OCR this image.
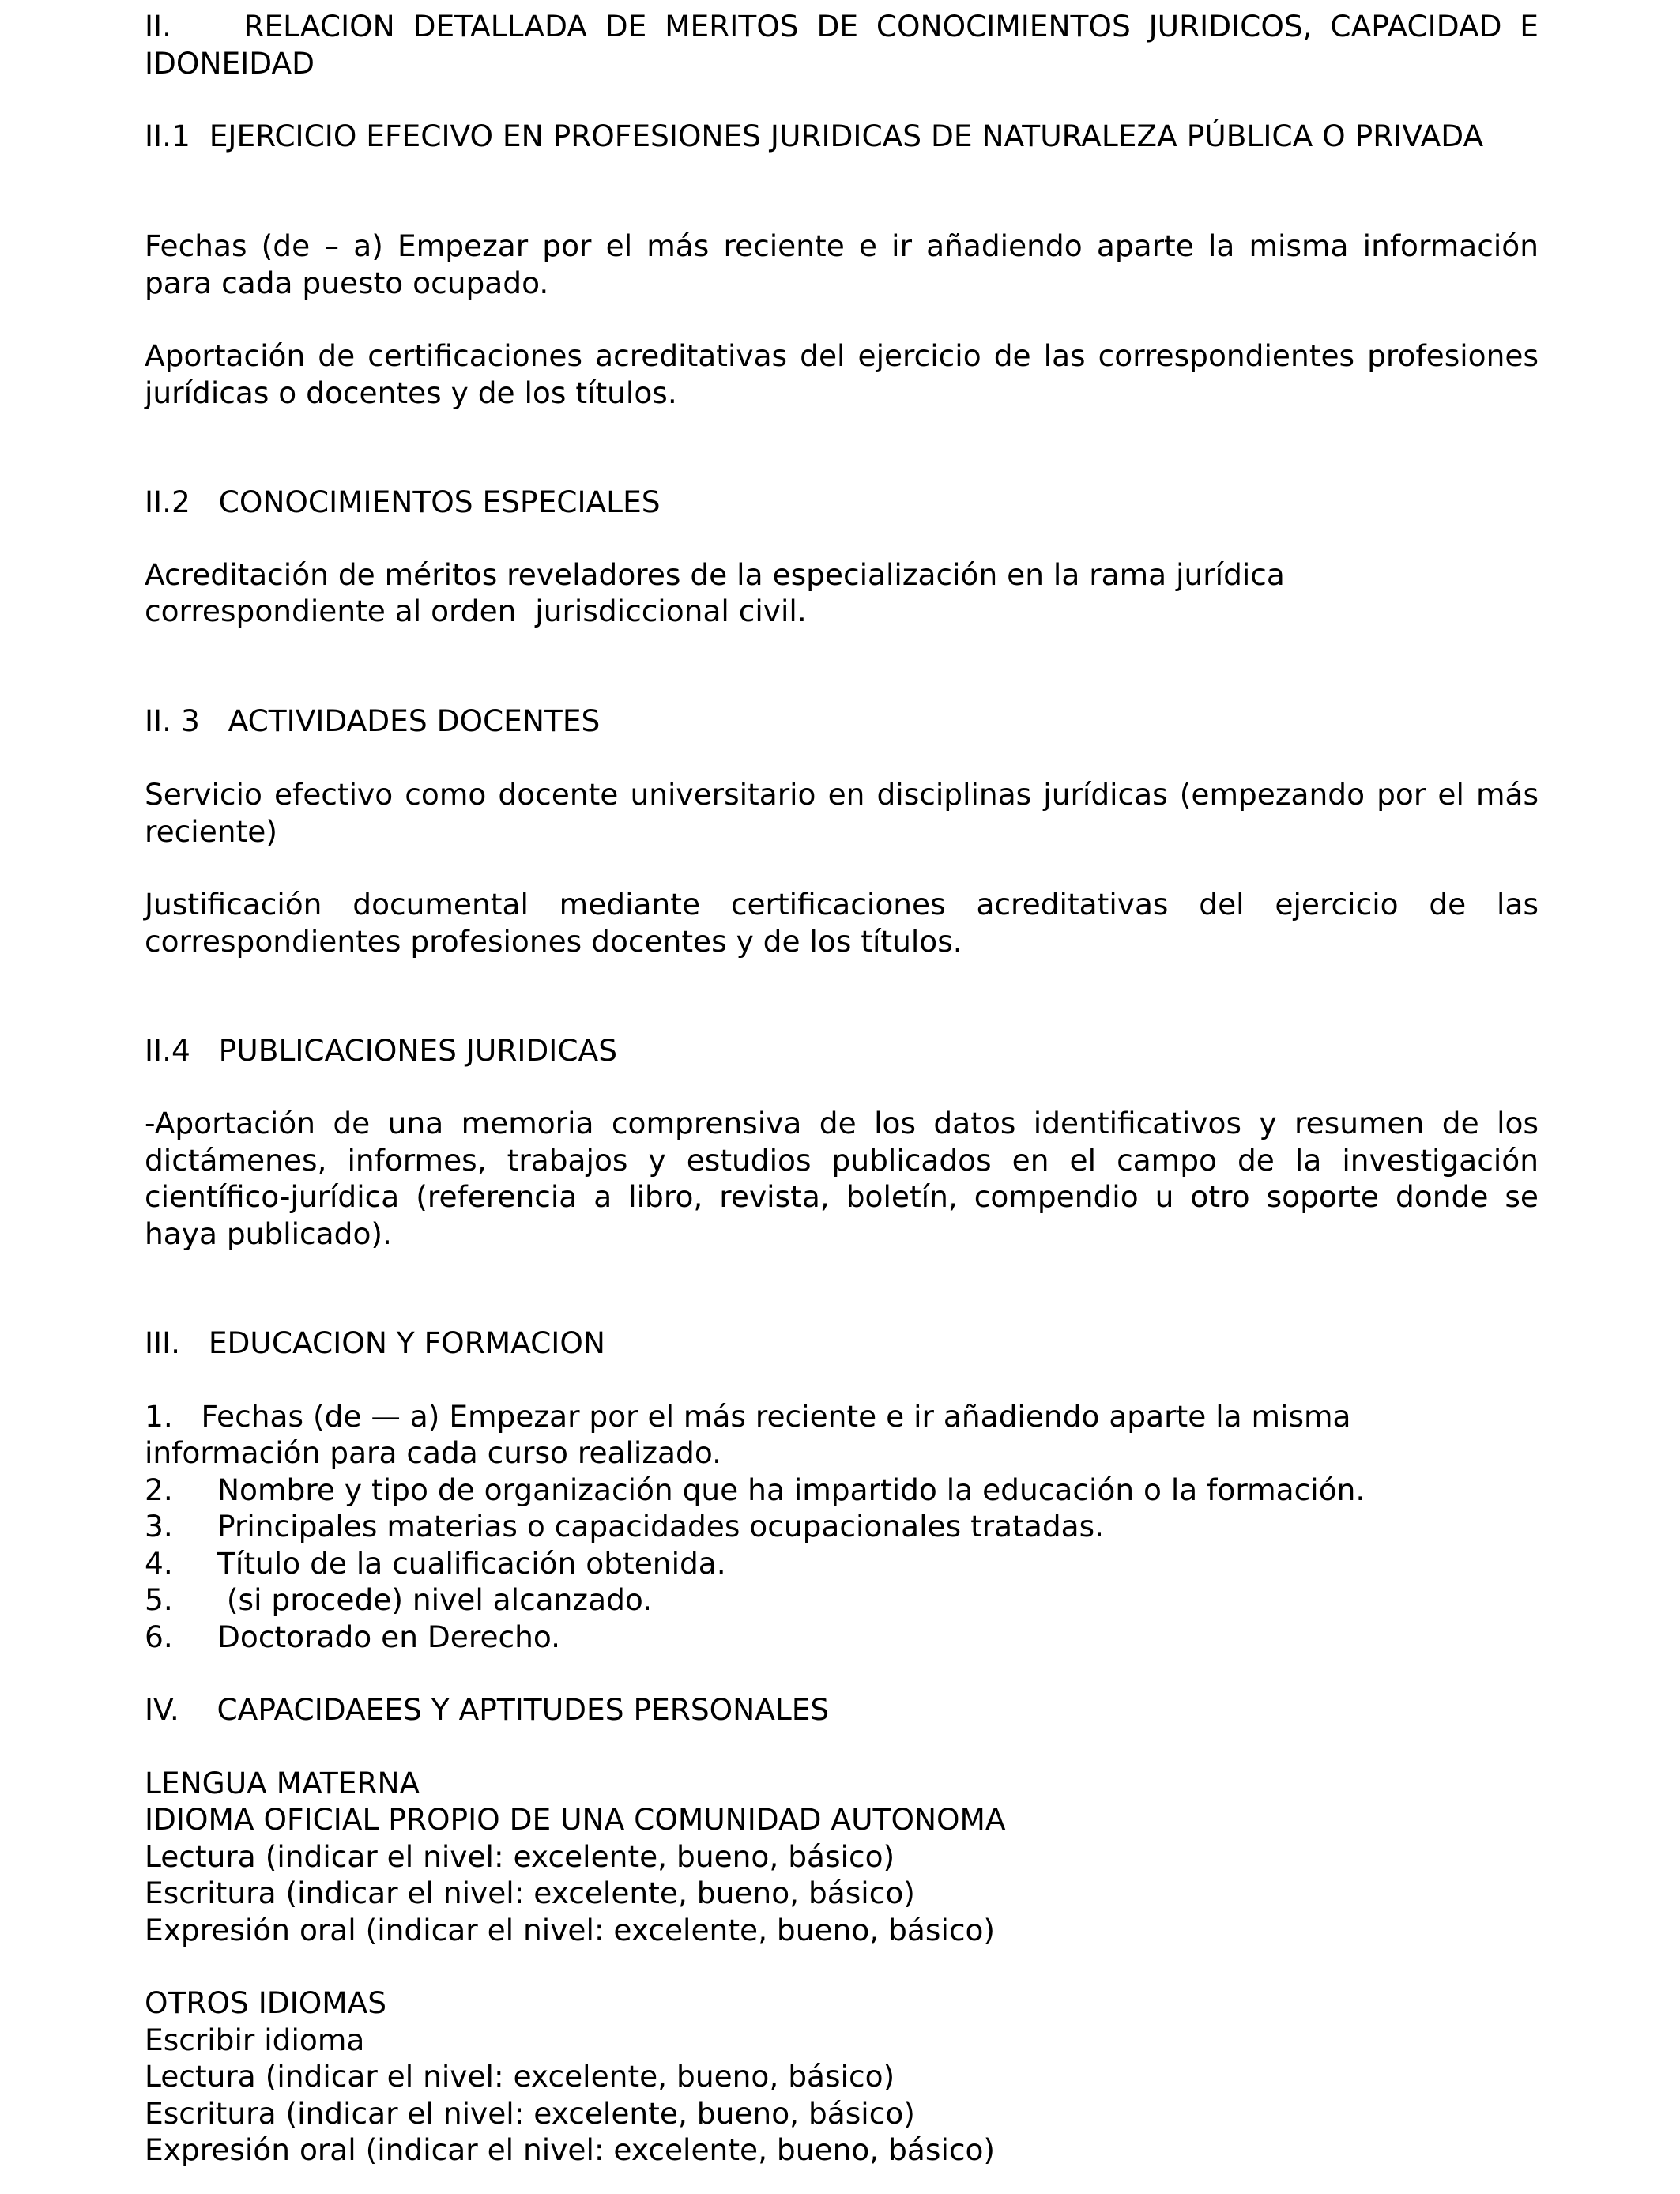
II.    RELACION DETALLADA DE MERITOS DE CONOCIMIENTOS JURIDICOS, CAPACIDAD E IDONEIDAD

II.1  EJERCICIO EFECIVO EN PROFESIONES JURIDICAS DE NATURALEZA PÚBLICA O PRIVADA

Fechas (de – a) Empezar por el más reciente e ir añadiendo aparte la misma información para cada puesto ocupado.

Aportación de certificaciones acreditativas del ejercicio de las correspondientes profesiones jurídicas o docentes y de los títulos.

II.2   CONOCIMIENTOS ESPECIALES

Acreditación de méritos reveladores de la especialización en la rama jurídica

correspondiente al orden  jurisdiccional civil.

II. 3   ACTIVIDADES DOCENTES

Servicio efectivo como docente universitario en disciplinas jurídicas (empezando por el más reciente)

Justificación documental mediante certificaciones acreditativas del ejercicio de las correspondientes profesiones docentes y de los títulos.

II.4   PUBLICACIONES JURIDICAS

-Aportación de una memoria comprensiva de los datos identificativos y resumen de los dictámenes, informes, trabajos y estudios publicados en el campo de la investigación científico-jurídica (referencia a libro, revista, boletín, compendio u otro soporte donde se haya publicado).

III.   EDUCACION Y FORMACION

1.   Fechas (de — a) Empezar por el más reciente e ir añadiendo aparte la misma

información para cada curso realizado.

2. Nombre y tipo de organización que ha impartido la educación o la formación.

3. Principales materias o capacidades ocupacionales tratadas.

4. Título de la cualificación obtenida.

5. (si procede) nivel alcanzado.

6. Doctorado en Derecho.

IV.    CAPACIDAEES Y APTITUDES PERSONALES

LENGUA MATERNA

IDIOMA OFICIAL PROPIO DE UNA COMUNIDAD AUTONOMA

Lectura (indicar el nivel: excelente, bueno, básico)

Escritura (indicar el nivel: excelente, bueno, básico)

Expresión oral (indicar el nivel: excelente, bueno, básico)

OTROS IDIOMAS

Escribir idioma

Lectura (indicar el nivel: excelente, bueno, básico)

Escritura (indicar el nivel: excelente, bueno, básico)

Expresión oral (indicar el nivel: excelente, bueno, básico)
